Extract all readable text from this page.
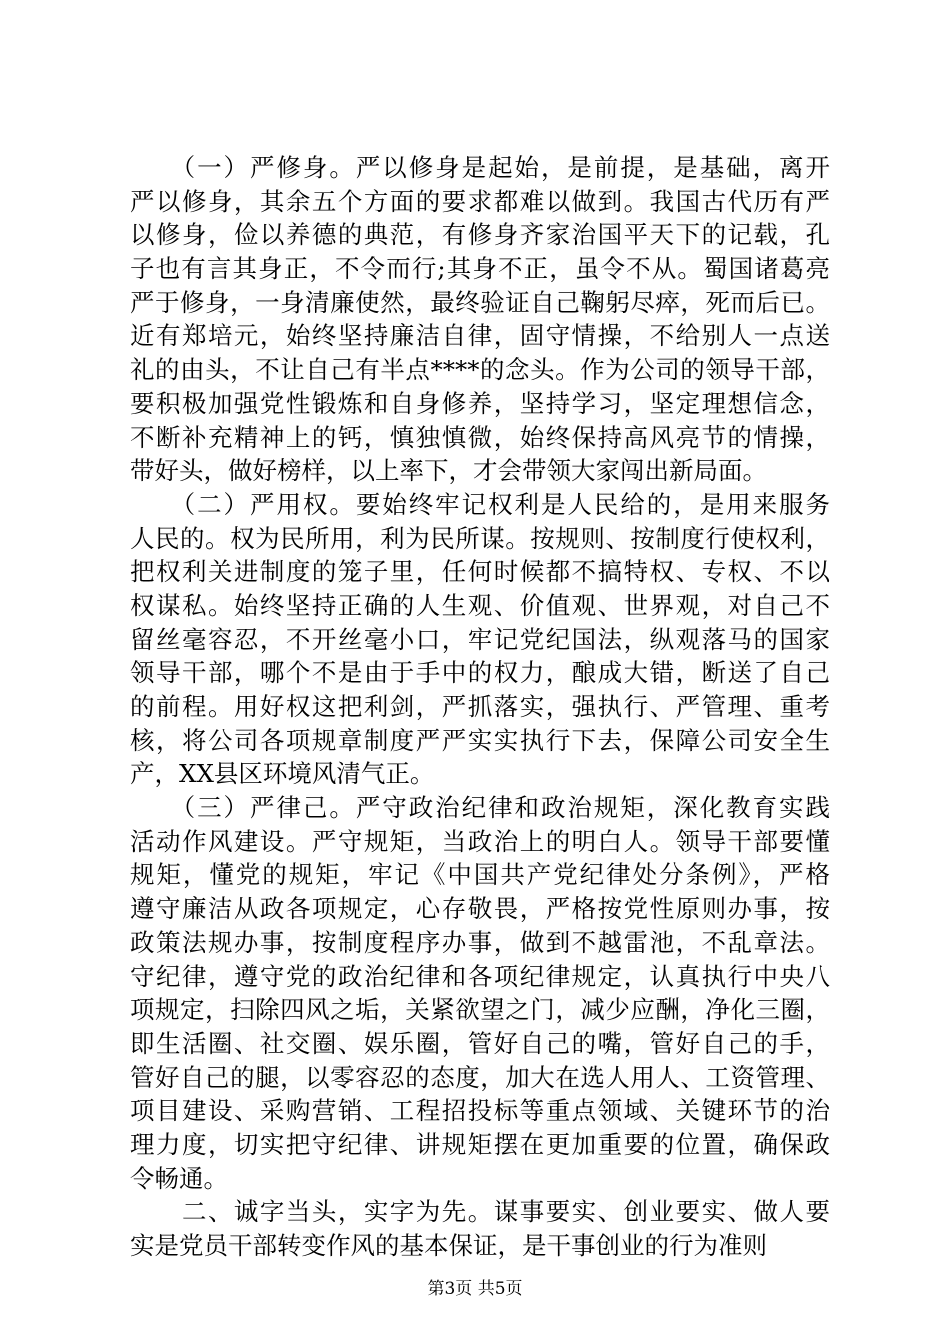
　　（一）严修身。严以修身是起始，是前提，是基础，离开
严以修身，其余五个方面的要求都难以做到。我国古代历有严
以修身，俭以养德的典范，有修身齐家治国平天下的记载，孔
子也有言其身正，不令而行;其身不正，虽令不从。蜀国诸葛亮
严于修身，一身清廉使然，最终验证自己鞠躬尽瘁，死而后已。
近有郑培元，始终坚持廉洁自律，固守情操，不给别人一点送
礼的由头，不让自己有半点****的念头。作为公司的领导干部，
要积极加强党性锻炼和自身修养，坚持学习，坚定理想信念，
不断补充精神上的钙，慎独慎微，始终保持高风亮节的情操，
带好头，做好榜样，以上率下，才会带领大家闯出新局面。
　　（二）严用权。要始终牢记权利是人民给的，是用来服务
人民的。权为民所用，利为民所谋。按规则、按制度行使权利，
把权利关进制度的笼子里，任何时候都不搞特权、专权、不以
权谋私。始终坚持正确的人生观、价值观、世界观，对自己不
留丝毫容忍，不开丝毫小口，牢记党纪国法，纵观落马的国家
领导干部，哪个不是由于手中的权力，酿成大错，断送了自己
的前程。用好权这把利剑，严抓落实，强执行、严管理、重考
核，将公司各项规章制度严严实实执行下去，保障公司安全生
产，XX县区环境风清气正。
　　（三）严律己。严守政治纪律和政治规矩，深化教育实践
活动作风建设。严守规矩，当政治上的明白人。领导干部要懂
规矩，懂党的规矩，牢记《中国共产党纪律处分条例》，严格
遵守廉洁从政各项规定，心存敬畏，严格按党性原则办事，按
政策法规办事，按制度程序办事，做到不越雷池，不乱章法。
守纪律，遵守党的政治纪律和各项纪律规定，认真执行中央八
项规定，扫除四风之垢，关紧欲望之门，减少应酬，净化三圈，
即生活圈、社交圈、娱乐圈，管好自己的嘴，管好自己的手，
管好自己的腿，以零容忍的态度，加大在选人用人、工资管理、
项目建设、采购营销、工程招投标等重点领域、关键环节的治
理力度，切实把守纪律、讲规矩摆在更加重要的位置，确保政
令畅通。
　　二、诚字当头，实字为先。谋事要实、创业要实、做人要
实是党员干部转变作风的基本保证，是干事创业的行为准则
第3页 共5页
